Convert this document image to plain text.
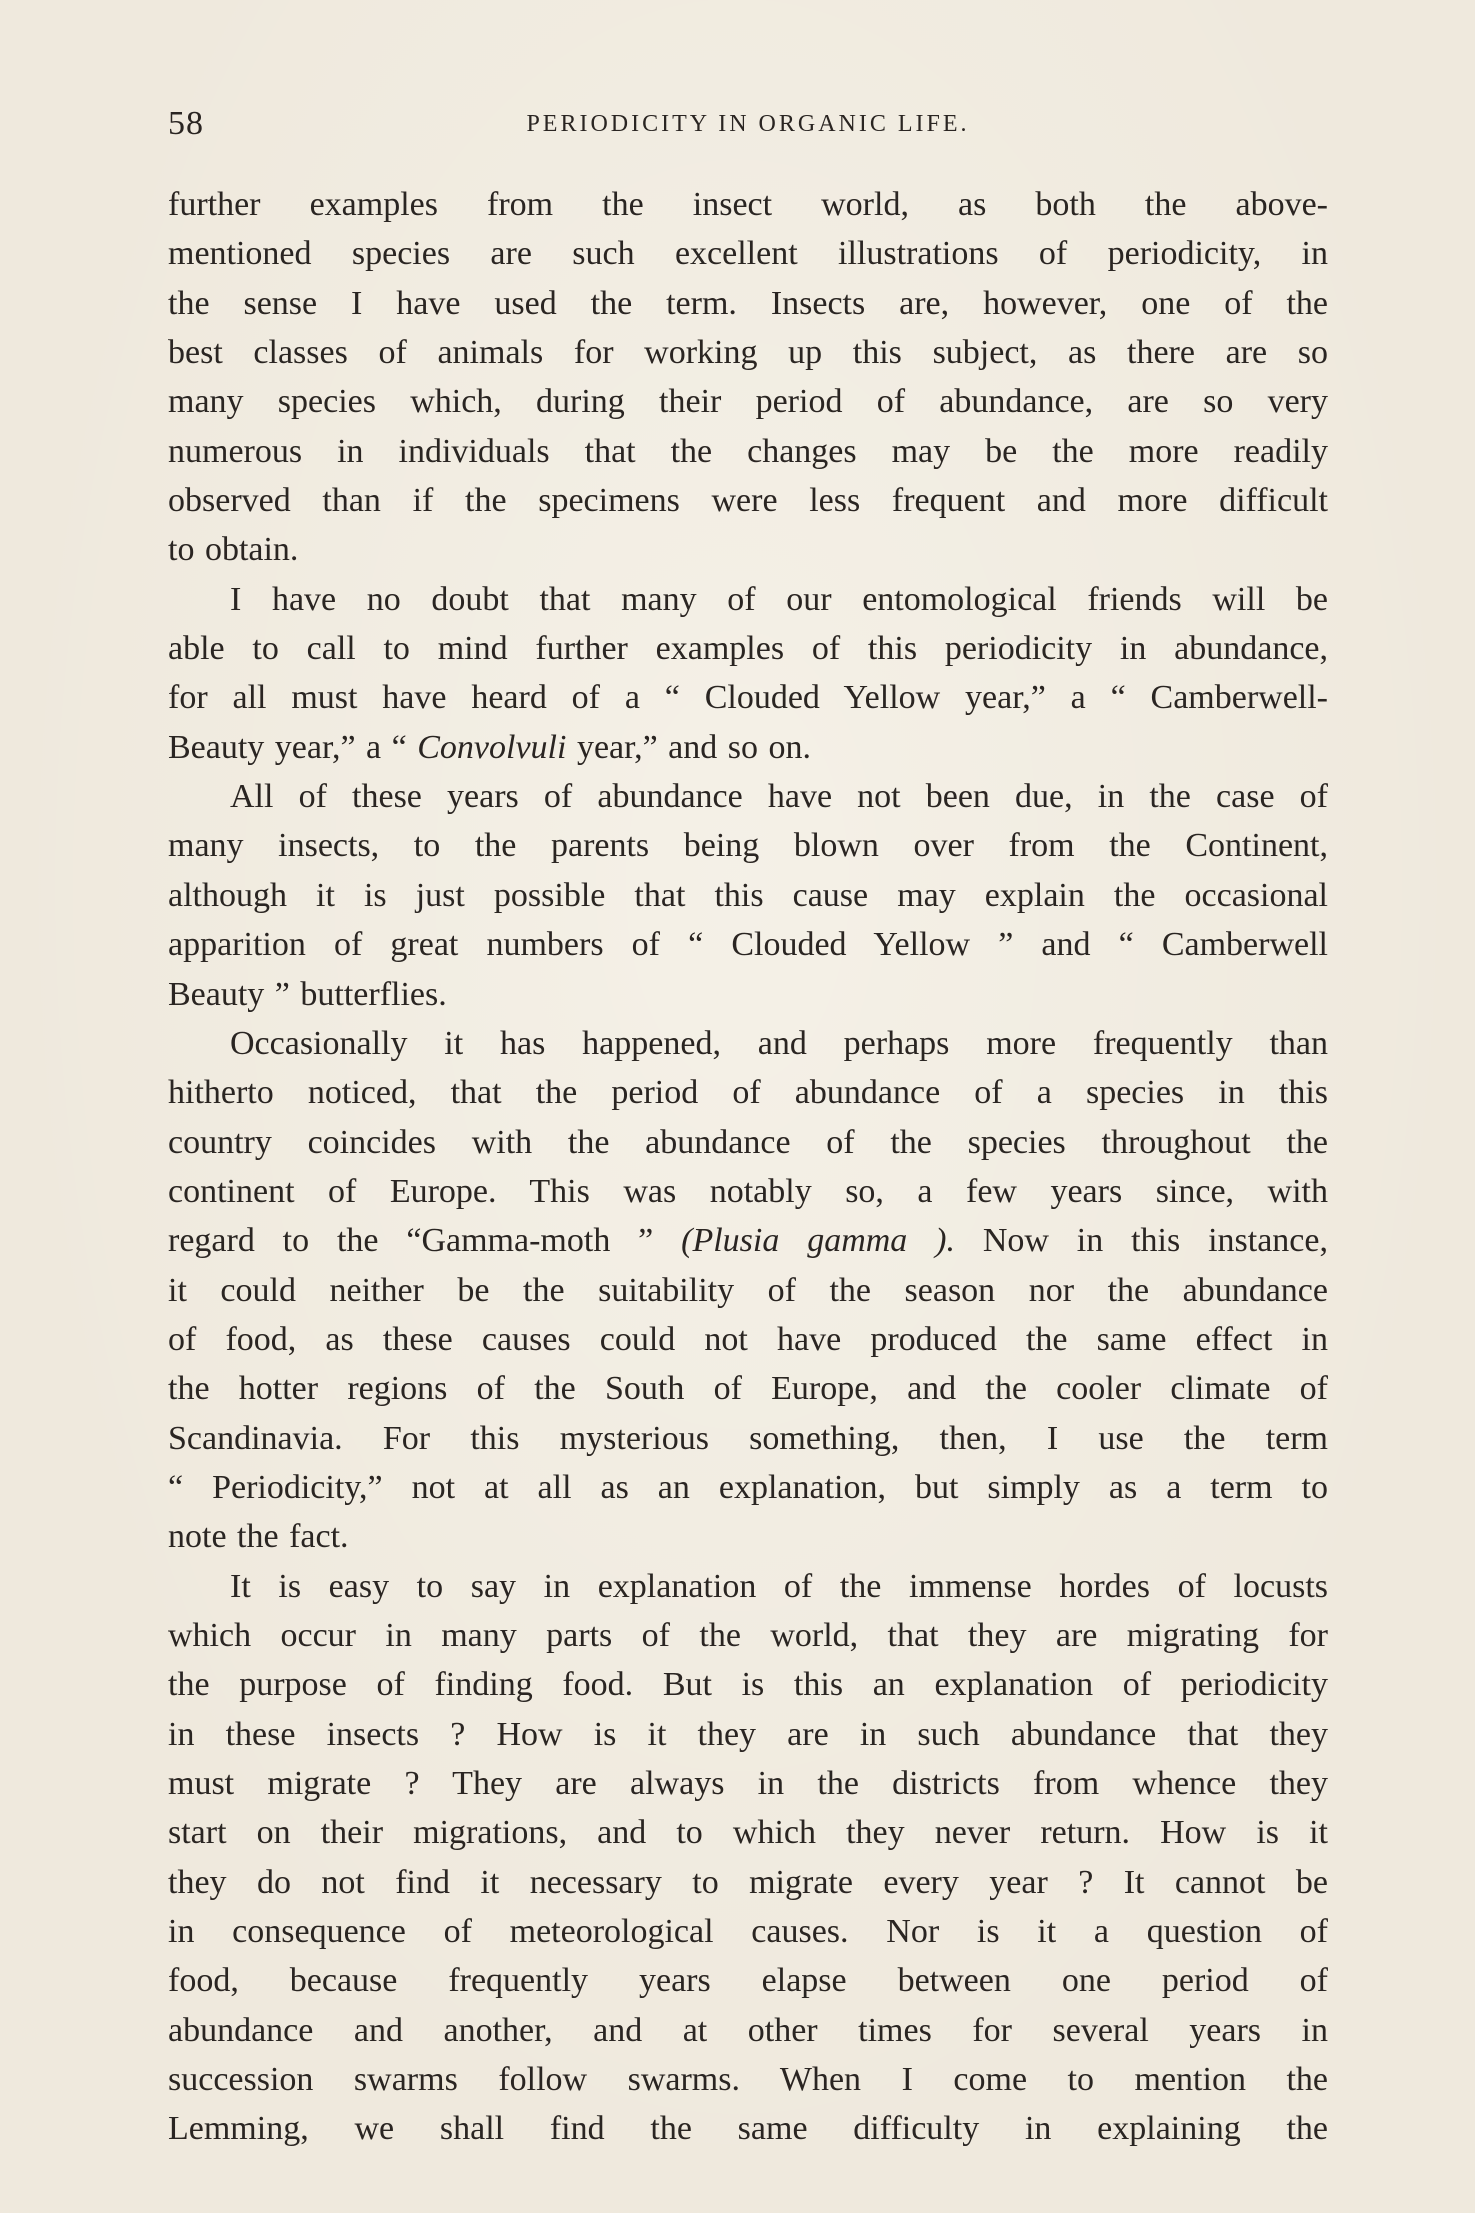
58	PERIODICITY IN ORGANIC LIFE.
further examples from the insect world, as both the above-
mentioned species are such excellent illustrations of periodicity, in
the sense I have used the term. Insects are, however, one of the
best classes of animals for working up this subject, as there are so
many species which, during their period of abundance, are so very
numerous in individuals that the changes may be the more readily
observed than if the specimens were less frequent and more difficult
to obtain.
I have no doubt that many of our entomological friends will be
able to call to mind further examples of this periodicity in abundance,
for all must have heard of a “ Clouded Yellow year,” a “ Camberwell-
Beauty year,” a “ Convolvuli year,” and so on.
All of these years of abundance have not been due, in the case of
many insects, to the parents being blown over from the Continent,
although it is just possible that this cause may explain the occasional
apparition of great numbers of “ Clouded Yellow ” and “ Camberwell
Beauty ” butterflies.
Occasionally it has happened, and perhaps more frequently than
hitherto noticed, that the period of abundance of a species in this
country coincides with the abundance of the species throughout the
continent of Europe. This was notably so, a few years since, with
regard to the “Gamma-moth ” (Plusia gamma ). Now in this instance,
it could neither be the suitability of the season nor the abundance
of food, as these causes could not have produced the same effect in
the hotter regions of the South of Europe, and the cooler climate of
Scandinavia. For this mysterious something, then, I use the term
“ Periodicity,” not at all as an explanation, but simply as a term to
note the fact.
It is easy to say in explanation of the immense hordes of locusts
which occur in many parts of the world, that they are migrating for
the purpose of finding food. But is this an explanation of periodicity
in these insects ? How is it they are in such abundance that they
must migrate ? They are always in the districts from whence they
start on their migrations, and to which they never return. How is it
they do not find it necessary to migrate every year ? It cannot be
in consequence of meteorological causes. Nor is it a question of
food, because frequently years elapse between one period of
abundance and another, and at other times for several years in
succession swarms follow swarms. When I come to mention the
Lemming, we shall find the same difficulty in explaining the
